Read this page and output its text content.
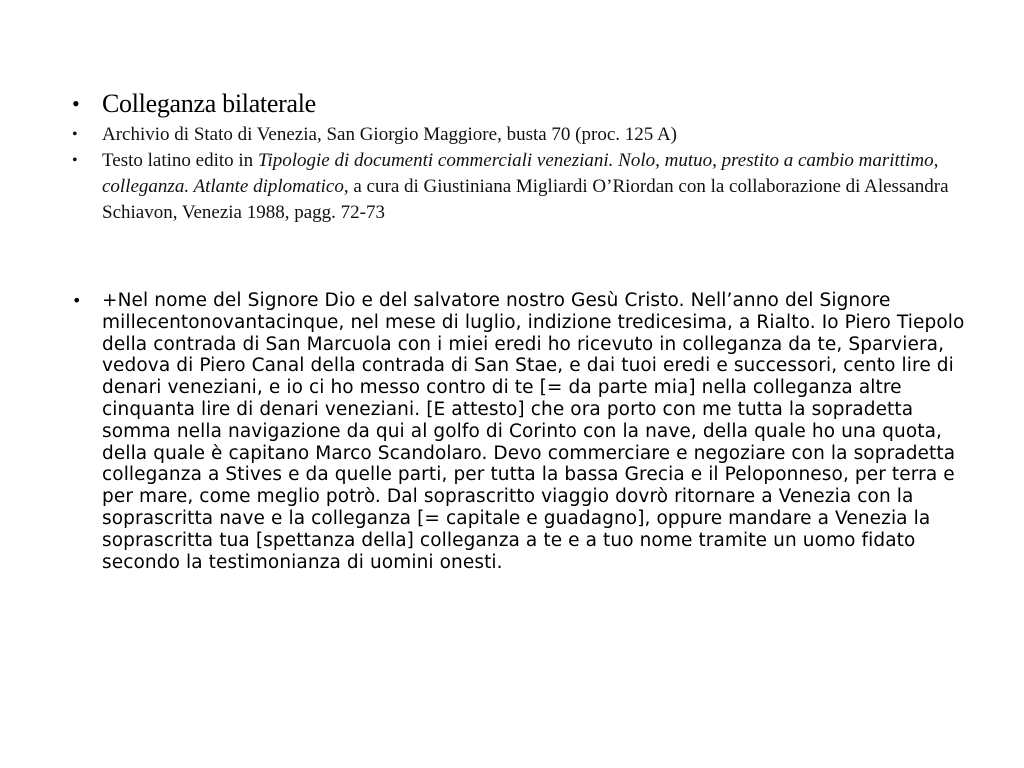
• Colleganza bilaterale
• Archivio di Stato di Venezia, San Giorgio Maggiore, busta 70 (proc. 125 A)
• Testo latino edito in Tipologie di documenti commerciali veneziani. Nolo, mutuo, prestito a cambio marittimo, colleganza. Atlante diplomatico, a cura di Giustiniana Migliardi O’Riordan con la collaborazione di Alessandra Schiavon, Venezia 1988, pagg. 72-73
• +Nel nome del Signore Dio e del salvatore nostro Gesù Cristo. Nell’anno del Signore millecentonovantacinque, nel mese di luglio, indizione tredicesima, a Rialto. Io Piero Tiepolo della contrada di San Marcuola con i miei eredi ho ricevuto in colleganza da te, Sparviera, vedova di Piero Canal della contrada di San Stae, e dai tuoi eredi e successori, cento lire di denari veneziani, e io ci ho messo contro di te [= da parte mia] nella colleganza altre cinquanta lire di denari veneziani. [E attesto] che ora porto con me tutta la sopradetta somma nella navigazione da qui al golfo di Corinto con la nave, della quale ho una quota, della quale è capitano Marco Scandolaro. Devo commerciare e negoziare con la sopradetta colleganza a Stives e da quelle parti, per tutta la bassa Grecia e il Peloponneso, per terra e per mare, come meglio potrò. Dal soprascritto viaggio dovrò ritornare a Venezia con la soprascritta nave e la colleganza [= capitale e guadagno], oppure mandare a Venezia la soprascritta tua [spettanza della] colleganza a te e a tuo nome tramite un uomo fidato secondo la testimonianza di uomini onesti.
